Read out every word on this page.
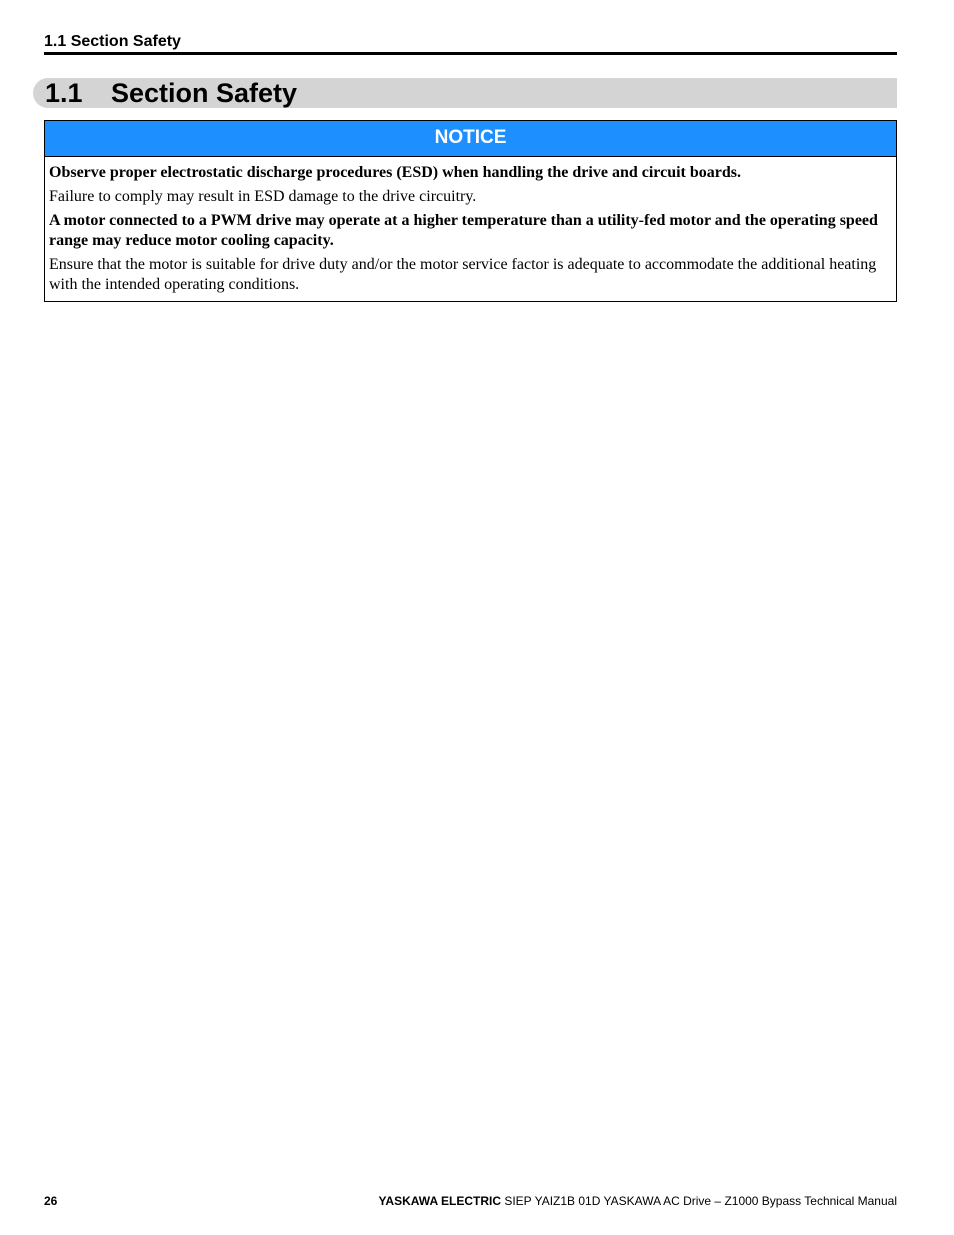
1.1 Section Safety
1.1 Section Safety
NOTICE

Observe proper electrostatic discharge procedures (ESD) when handling the drive and circuit boards.

Failure to comply may result in ESD damage to the drive circuitry.

A motor connected to a PWM drive may operate at a higher temperature than a utility-fed motor and the operating speed range may reduce motor cooling capacity.

Ensure that the motor is suitable for drive duty and/or the motor service factor is adequate to accommodate the additional heating with the intended operating conditions.

26	YASKAWA ELECTRIC SIEP YAIZ1B 01D YASKAWA AC Drive – Z1000 Bypass Technical Manual
